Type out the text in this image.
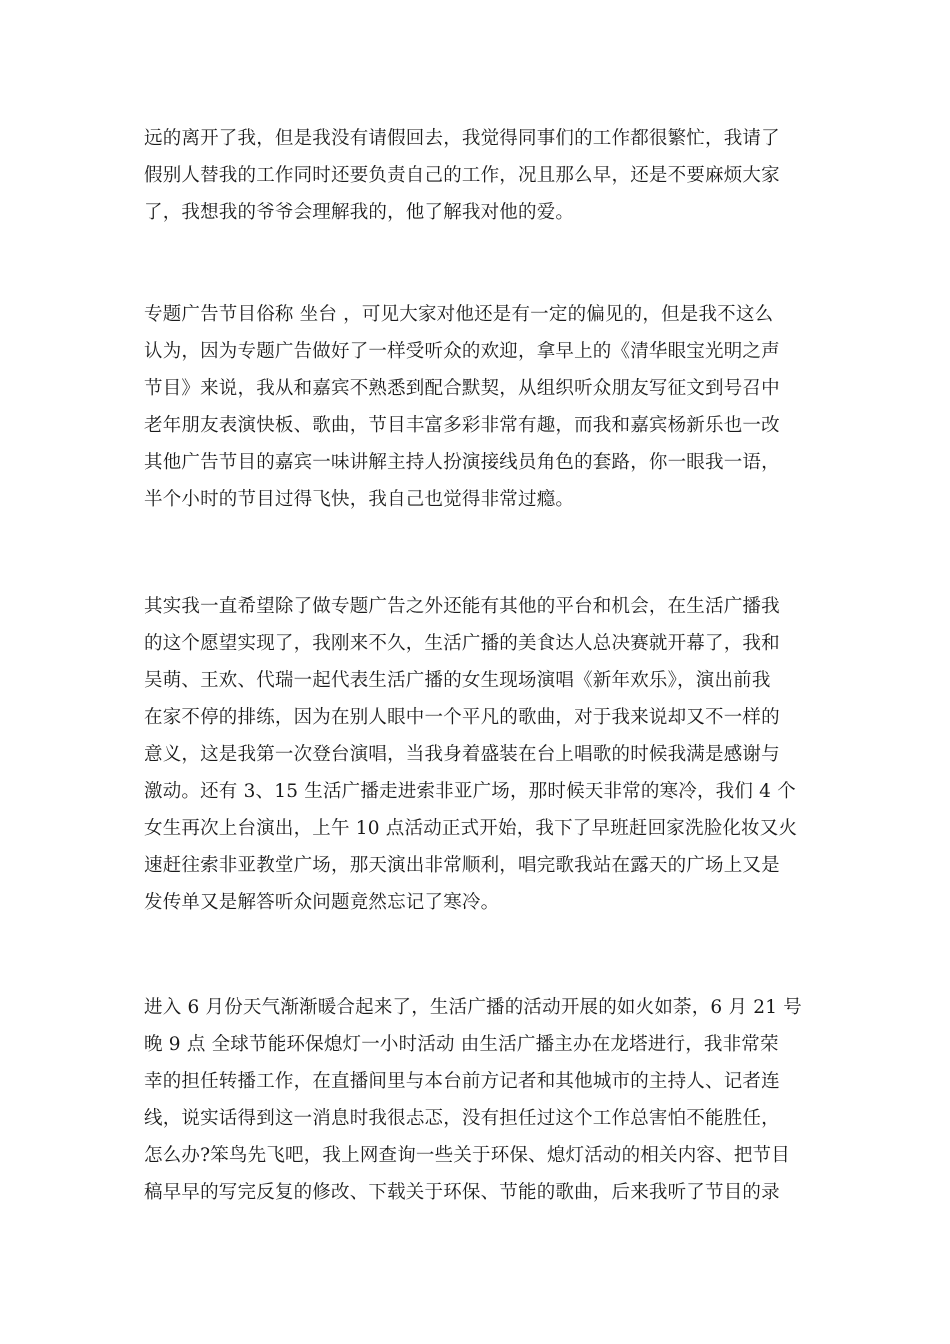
远的离开了我，但是我没有请假回去，我觉得同事们的工作都很繁忙，我请了
假别人替我的工作同时还要负责自己的工作，况且那么早，还是不要麻烦大家
了，我想我的爷爷会理解我的，他了解我对他的爱。
专题广告节目俗称 坐台 ，可见大家对他还是有一定的偏见的，但是我不这么
认为，因为专题广告做好了一样受听众的欢迎，拿早上的《清华眼宝光明之声
节目》来说，我从和嘉宾不熟悉到配合默契，从组织听众朋友写征文到号召中
老年朋友表演快板、歌曲，节目丰富多彩非常有趣，而我和嘉宾杨新乐也一改
其他广告节目的嘉宾一味讲解主持人扮演接线员角色的套路，你一眼我一语，
半个小时的节目过得飞快，我自己也觉得非常过瘾。
其实我一直希望除了做专题广告之外还能有其他的平台和机会，在生活广播我
的这个愿望实现了，我刚来不久，生活广播的美食达人总决赛就开幕了，我和
吴萌、王欢、代瑞一起代表生活广播的女生现场演唱《新年欢乐》，演出前我
在家不停的排练，因为在别人眼中一个平凡的歌曲，对于我来说却又不一样的
意义，这是我第一次登台演唱，当我身着盛装在台上唱歌的时候我满是感谢与
激动。还有 3、15 生活广播走进索非亚广场，那时候天非常的寒冷，我们 4 个
女生再次上台演出，上午 10 点活动正式开始，我下了早班赶回家洗脸化妆又火
速赶往索非亚教堂广场，那天演出非常顺利，唱完歌我站在露天的广场上又是
发传单又是解答听众问题竟然忘记了寒冷。
进入 6 月份天气渐渐暖合起来了，生活广播的活动开展的如火如荼，6 月 21 号
晚 9 点 全球节能环保熄灯一小时活动 由生活广播主办在龙塔进行，我非常荣
幸的担任转播工作，在直播间里与本台前方记者和其他城市的主持人、记者连
线，说实话得到这一消息时我很忐忑，没有担任过这个工作总害怕不能胜任，
怎么办?笨鸟先飞吧，我上网查询一些关于环保、熄灯活动的相关内容、把节目
稿早早的写完反复的修改、下载关于环保、节能的歌曲，后来我听了节目的录
